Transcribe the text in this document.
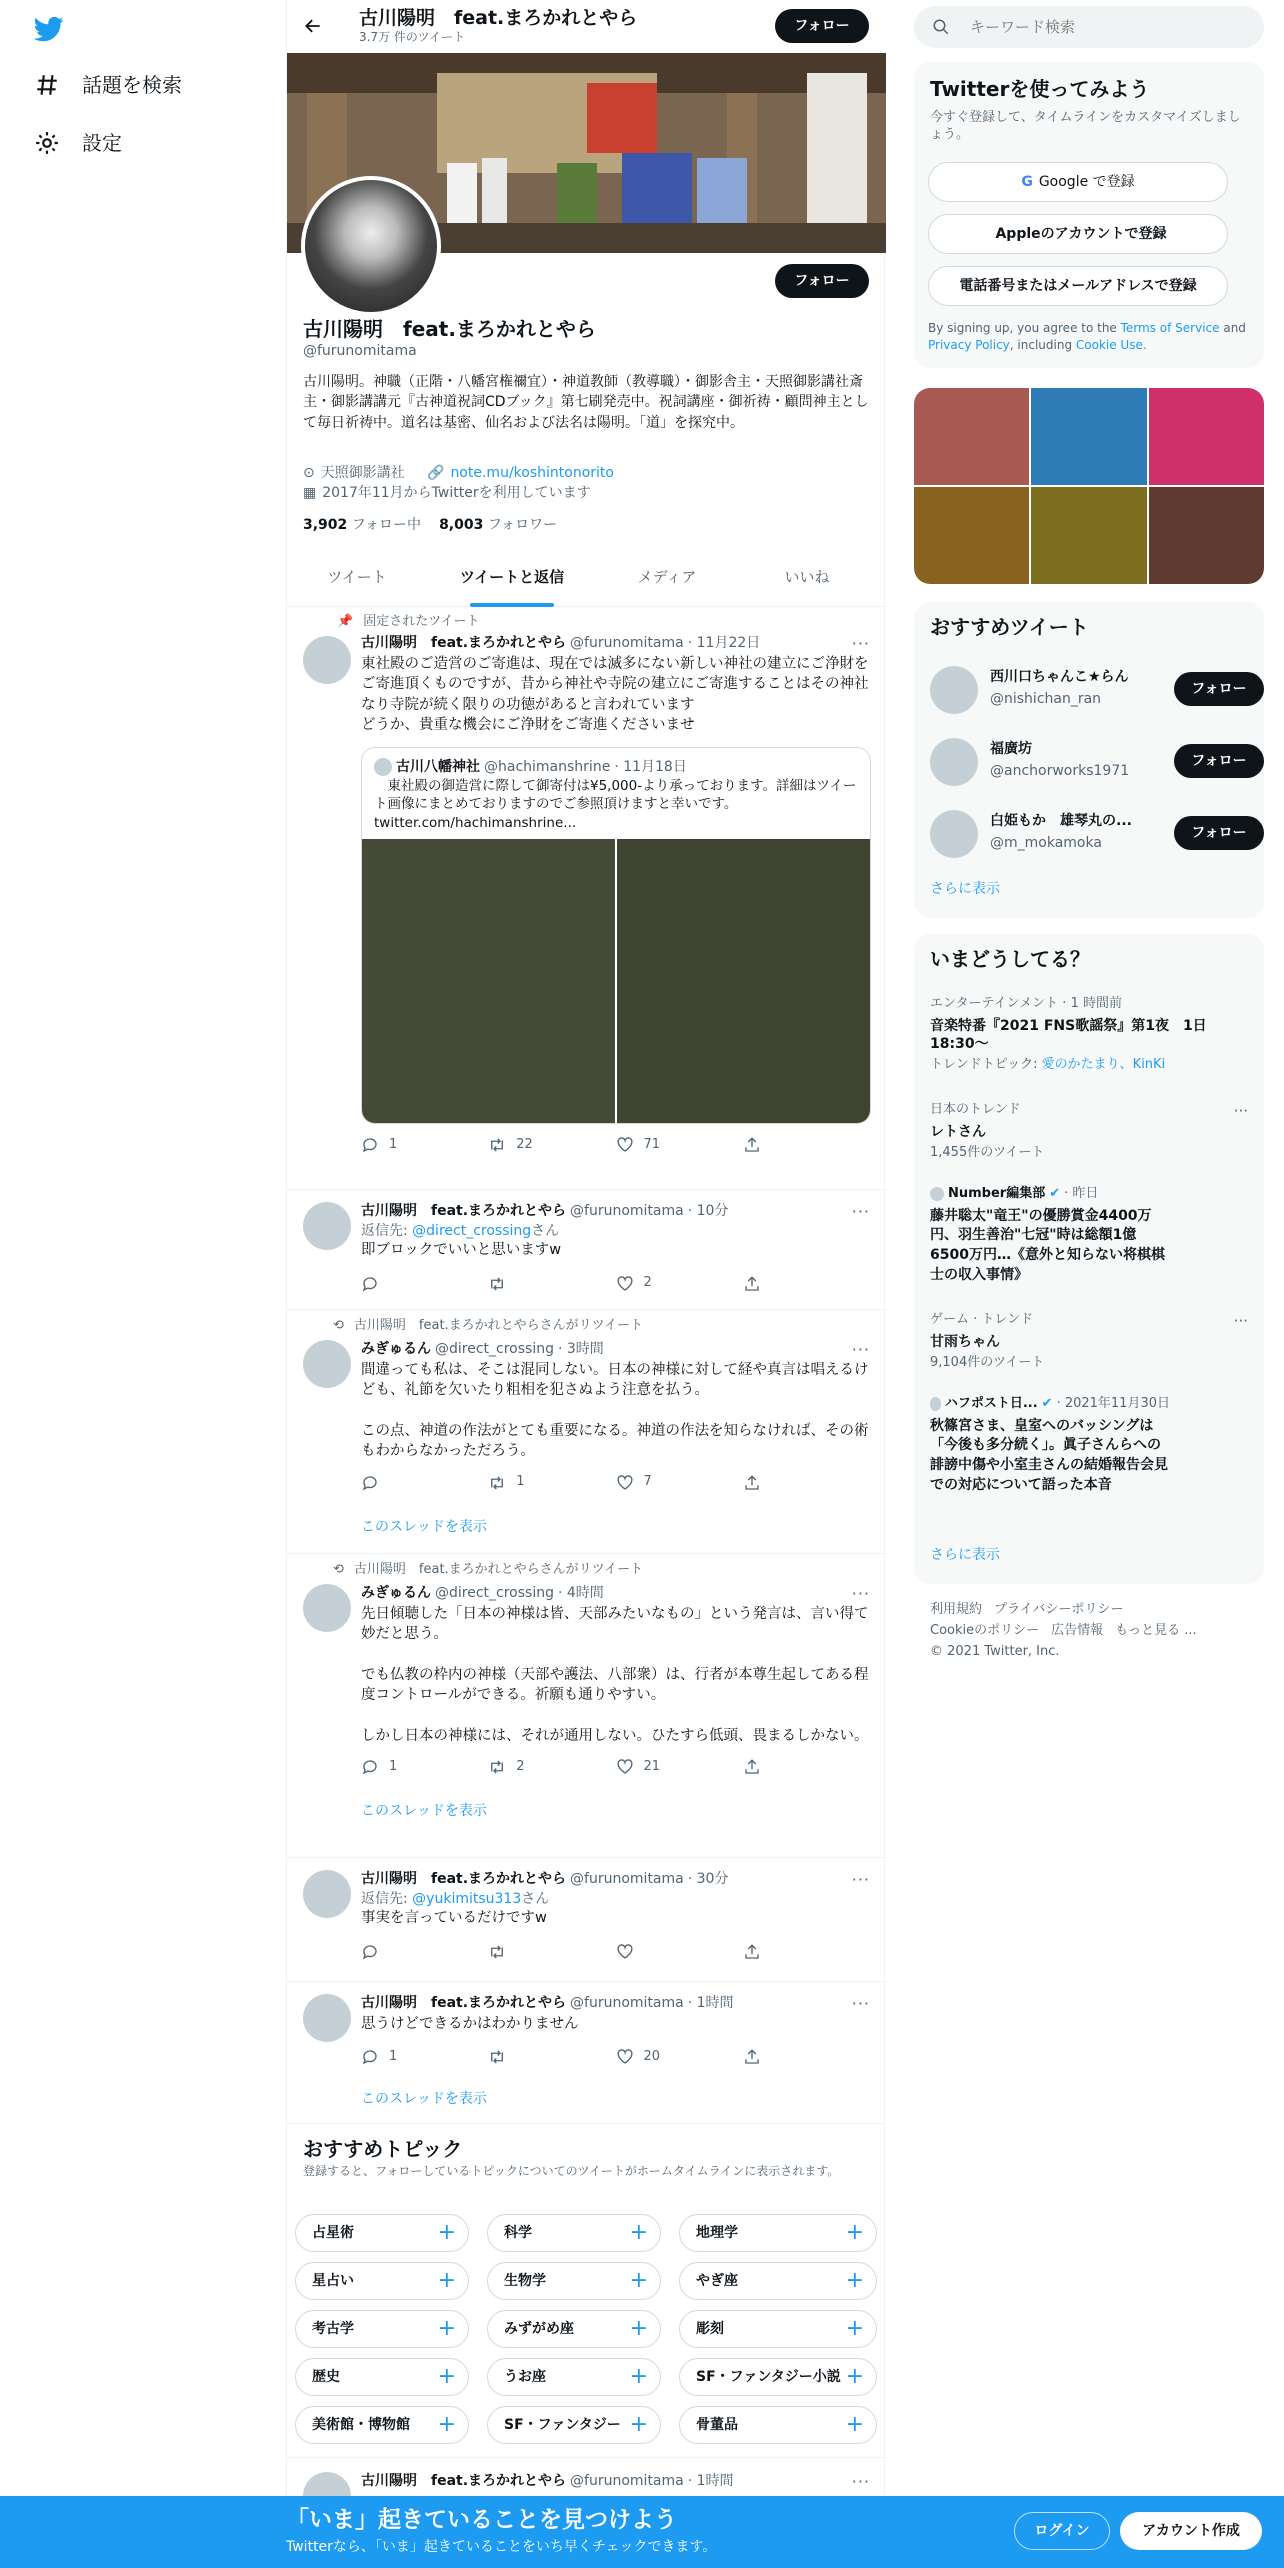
話題を検索
設定
古川陽明　feat.まろかれとやら
3.7万 件のツイート
フォロー
フォロー
古川陽明　feat.まろかれとやら
@furunomitama
古川陽明。神職（正階・八幡宮権禰宜）・神道教師（教導職）・御影舎主・天照御影講社斎主・御影講講元『古神道祝詞CDブック』第七刷発売中。祝詞講座・御祈祷・顧問神主として毎日祈祷中。道名は基密、仙名および法名は陽明。「道」を探究中。
⊙ 天照御影講社 🔗 note.mu/koshintonorito
▦ 2017年11月からTwitterを利用しています
3,902 フォロー中 8,003 フォロワー
ツイート	ツイートと返信	メディア	いいね
📌 固定されたツイート
古川陽明　feat.まろかれとやら @furunomitama · 11月22日
東社殿のご造営のご寄進は、現在では滅多にない新しい神社の建立にご浄財をご寄進頂くものですが、昔から神社や寺院の建立にご寄進することはその神社なり寺院が続く限りの功徳があると言われています
どうか、貴重な機会にご浄財をご寄進くださいませ
古川八幡神社 @hachimanshrine · 11月18日
　東社殿の御造営に際して御寄付は¥5,000-より承っております。詳細はツイート画像にまとめておりますのでご参照頂けますと幸いです。
twitter.com/hachimanshrine...
1	22	71
···
古川陽明　feat.まろかれとやら @furunomitama · 10分
返信先: @direct_crossingさん
即ブロックでいいと思いますw
2
···
⟲ 古川陽明　feat.まろかれとやらさんがリツイート
みぎゅるん @direct_crossing · 3時間
間違っても私は、そこは混同しない。日本の神様に対して経や真言は唱えるけども、礼節を欠いたり粗相を犯さぬよう注意を払う。

この点、神道の作法がとても重要になる。神道の作法を知らなければ、その術もわからなかっただろう。
1	7
このスレッドを表示
···
⟲ 古川陽明　feat.まろかれとやらさんがリツイート
みぎゅるん @direct_crossing · 4時間
先日傾聴した「日本の神様は皆、天部みたいなもの」という発言は、言い得て妙だと思う。

でも仏教の枠内の神様（天部や護法、八部衆）は、行者が本尊生起してある程度コントロールができる。祈願も通りやすい。

しかし日本の神様には、それが通用しない。ひたすら低頭、畏まるしかない。
1	2	21
このスレッドを表示
···
古川陽明　feat.まろかれとやら @furunomitama · 30分
返信先: @yukimitsu313さん
事実を言っているだけですw
···
古川陽明　feat.まろかれとやら @furunomitama · 1時間
思うけどできるかはわかりません
1	20
このスレッドを表示
···
おすすめトピック
登録すると、フォローしているトピックについてのツイートがホームタイムラインに表示されます。
占星術	+	科学	+	地理学	+
星占い	+	生物学	+	やぎ座	+
考古学	+	みずがめ座	+	彫刻	+
歴史	+	うお座	+	SF・ファンタジー小説 +
美術館・博物館 +	SF・ファンタジー +	骨董品	+
古川陽明　feat.まろかれとやら @furunomitama · 1時間	···
キーワード検索
Twitterを使ってみよう
今すぐ登録して、タイムラインをカスタマイズしましょう。
G Google で登録
Appleのアカウントで登録
電話番号またはメールアドレスで登録
By signing up, you agree to the Terms of Service and Privacy Policy, including Cookie Use.
おすすめツイート
西川口ちゃんこ★らん
@nishichan_ran
フォロー
福廣坊
@anchorworks1971
フォロー
白姫もか　雄琴丸の...
@m_mokamoka
フォロー
さらに表示
いまどうしてる？
エンターテインメント · 1 時間前
音楽特番『2021 FNS歌謡祭』第1夜　1日18:30～
トレンドトピック: 愛のかたまり、KinKi
日本のトレンド
レトさん
1,455件のツイート
···
Number編集部 ✔ · 昨日
藤井聡太"竜王"の優勝賞金4400万円、羽生善治"七冠"時は総額1億6500万円…《意外と知らない将棋棋士の収入事情》
ゲーム · トレンド
甘雨ちゃん
9,104件のツイート
···
ハフポスト日... ✔ · 2021年11月30日
秋篠宮さま、皇室へのバッシングは「今後も多分続く」。眞子さんらへの誹謗中傷や小室圭さんの結婚報告会見での対応について語った本音
さらに表示
利用規約 プライバシーポリシー
Cookieのポリシー 広告情報 もっと見る ...
© 2021 Twitter, Inc.
「いま」起きていることを見つけよう
Twitterなら、「いま」起きていることをいち早くチェックできます。
ログイン	アカウント作成
